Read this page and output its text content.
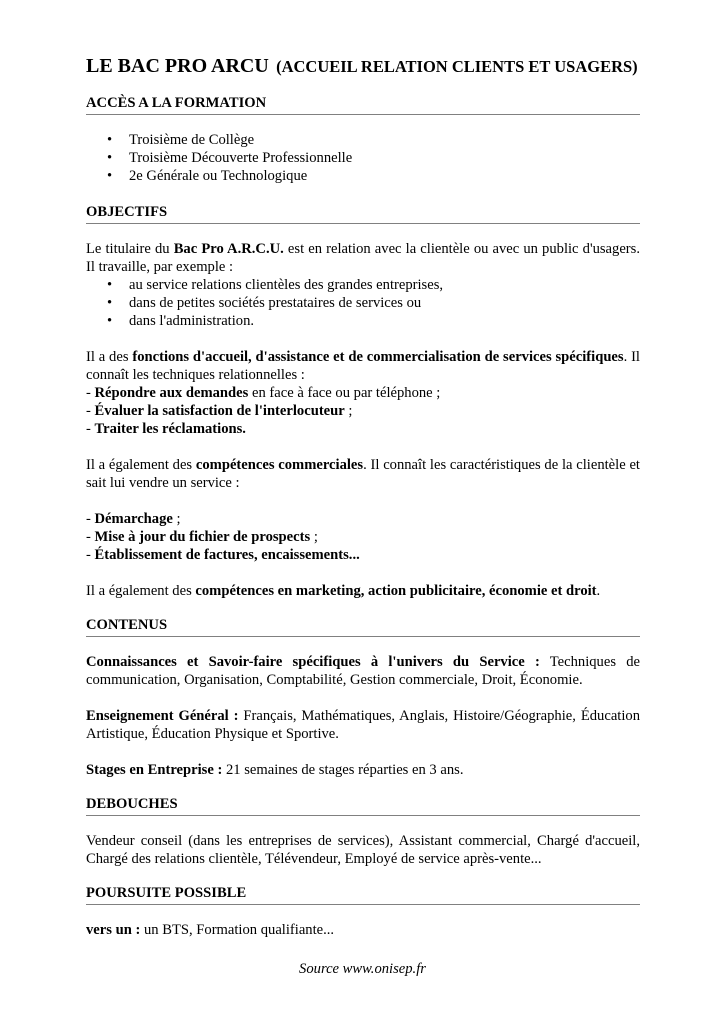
LE BAC PRO ARCU (ACCUEIL RELATION CLIENTS ET USAGERS)
ACCÈS A LA FORMATION
• Troisième de Collège
• Troisième Découverte Professionnelle
• 2e Générale ou Technologique
OBJECTIFS

Le titulaire du Bac Pro A.R.C.U. est en relation avec la clientèle ou avec un public d'usagers. Il travaille, par exemple :

• au service relations clientèles des grandes entreprises,
• dans de petites sociétés prestataires de services ou
• dans l'administration.

Il a des fonctions d'accueil, d'assistance et de commercialisation de services spécifiques. Il connaît les techniques relationnelles :

- Répondre aux demandes en face à face ou par téléphone ;
- Évaluer la satisfaction de l'interlocuteur ;
- Traiter les réclamations.

Il a également des compétences commerciales. Il connaît les caractéristiques de la clientèle et sait lui vendre un service :

- Démarchage ;
- Mise à jour du fichier de prospects ;
- Établissement de factures, encaissements...

Il a également des compétences en marketing, action publicitaire, économie et droit.

CONTENUS

Connaissances et Savoir-faire spécifiques à l'univers du Service : Techniques de communication, Organisation, Comptabilité, Gestion commerciale, Droit, Économie.

Enseignement Général : Français, Mathématiques, Anglais, Histoire/Géographie, Éducation Artistique, Éducation Physique et Sportive.

Stages en Entreprise : 21 semaines de stages réparties en 3 ans.

DEBOUCHES

Vendeur conseil (dans les entreprises de services), Assistant commercial, Chargé d'accueil, Chargé des relations clientèle, Télévendeur, Employé de service après-vente...

POURSUITE POSSIBLE

vers un : un BTS, Formation qualifiante...

Source www.onisep.fr
